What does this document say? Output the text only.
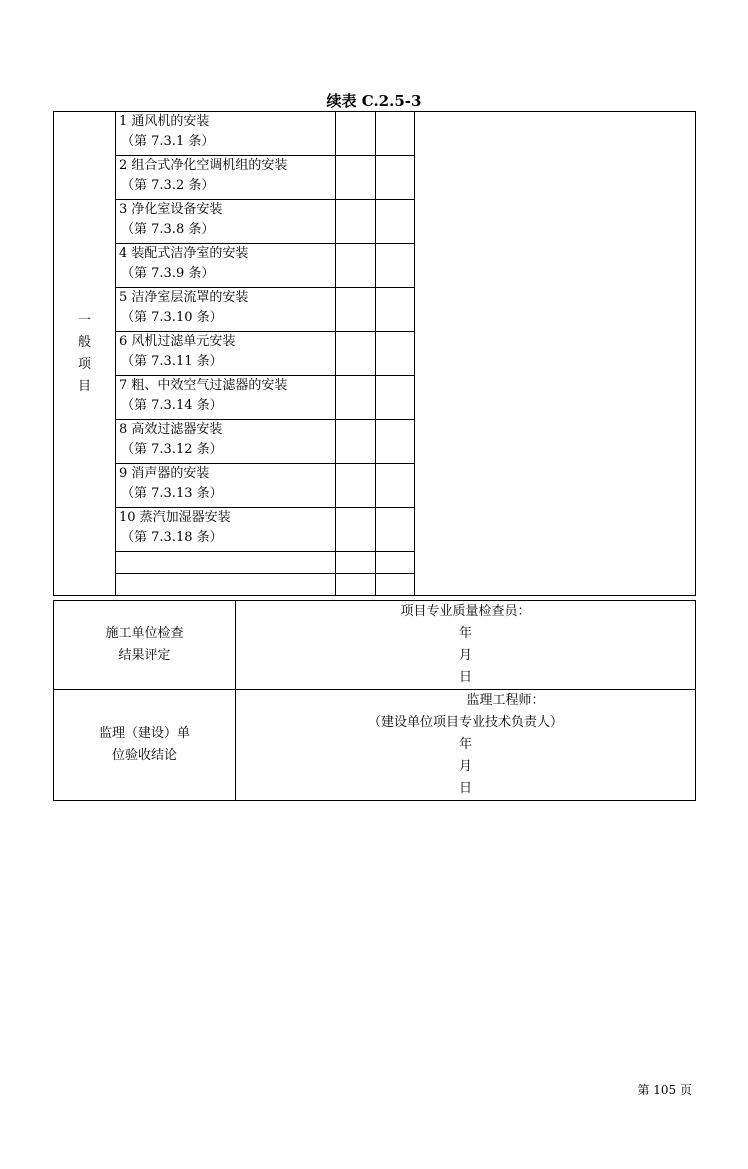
续表 C.2.5-3
一
般
项
目	1 通风机的安装
（第 7.3.1 条）			

	2 组合式净化空调机组的安装
（第 7.3.2 条）			

	3 净化室设备安装
（第 7.3.8 条）			

	4 装配式洁净室的安装
（第 7.3.9 条）			

	5 洁净室层流罩的安装
（第 7.3.10 条）			

	6 风机过滤单元安装
（第 7.3.11 条）			

	7 粗、中效空气过滤器的安装
（第 7.3.14 条）			

	8 高效过滤器安装
（第 7.3.12 条）			

	9 消声器的安装
（第 7.3.13 条）			

	10 蒸汽加湿器安装
（第 7.3.18 条）			

施工单位检查
结果评定	项目专业质量检查员：
年
月
日

监理（建设）单
位验收结论	监理工程师：
（建设单位项目专业技术负责人）
年
月
日
第 105 页
